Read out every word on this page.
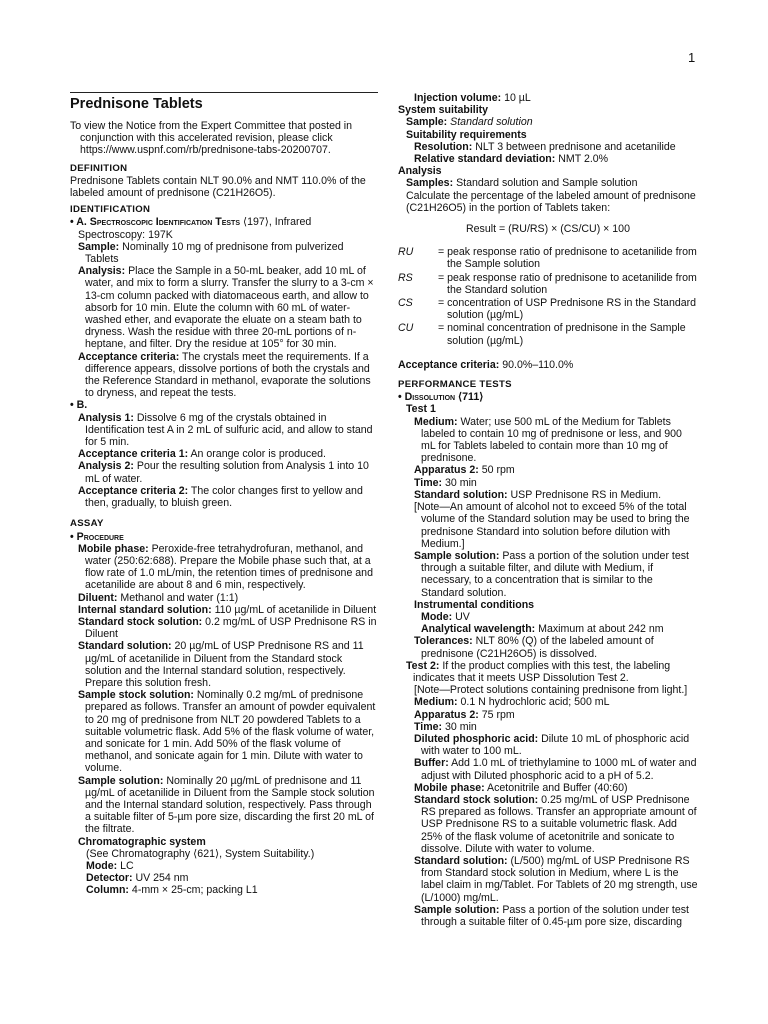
1
Prednisone Tablets
To view the Notice from the Expert Committee that posted in conjunction with this accelerated revision, please click https://www.uspnf.com/rb/prednisone-tabs-20200707.
DEFINITION
Prednisone Tablets contain NLT 90.0% and NMT 110.0% of the labeled amount of prednisone (C21H26O5).
IDENTIFICATION
• A. Spectroscopic Identification Tests ⟨197⟩, Infrared Spectroscopy: 197K
Sample: Nominally 10 mg of prednisone from pulverized Tablets
Analysis: Place the Sample in a 50-mL beaker, add 10 mL of water, and mix to form a slurry. Transfer the slurry to a 3-cm × 13-cm column packed with diatomaceous earth, and allow to absorb for 10 min. Elute the column with 60 mL of water-washed ether, and evaporate the eluate on a steam bath to dryness. Wash the residue with three 20-mL portions of n-heptane, and filter. Dry the residue at 105° for 30 min.
Acceptance criteria: The crystals meet the requirements. If a difference appears, dissolve portions of both the crystals and the Reference Standard in methanol, evaporate the solutions to dryness, and repeat the tests.
• B.
Analysis 1: Dissolve 6 mg of the crystals obtained in Identification test A in 2 mL of sulfuric acid, and allow to stand for 5 min.
Acceptance criteria 1: An orange color is produced.
Analysis 2: Pour the resulting solution from Analysis 1 into 10 mL of water.
Acceptance criteria 2: The color changes first to yellow and then, gradually, to bluish green.
ASSAY
• Procedure
Mobile phase: Peroxide-free tetrahydrofuran, methanol, and water (250:62:688). Prepare the Mobile phase such that, at a flow rate of 1.0 mL/min, the retention times of prednisone and acetanilide are about 8 and 6 min, respectively.
Diluent: Methanol and water (1:1)
Internal standard solution: 110 µg/mL of acetanilide in Diluent
Standard stock solution: 0.2 mg/mL of USP Prednisone RS in Diluent
Standard solution: 20 µg/mL of USP Prednisone RS and 11 µg/mL of acetanilide in Diluent from the Standard stock solution and the Internal standard solution, respectively. Prepare this solution fresh.
Sample stock solution: Nominally 0.2 mg/mL of prednisone prepared as follows. Transfer an amount of powder equivalent to 20 mg of prednisone from NLT 20 powdered Tablets to a suitable volumetric flask. Add 5% of the flask volume of water, and sonicate for 1 min. Add 50% of the flask volume of methanol, and sonicate again for 1 min. Dilute with water to volume.
Sample solution: Nominally 20 µg/mL of prednisone and 11 µg/mL of acetanilide in Diluent from the Sample stock solution and the Internal standard solution, respectively. Pass through a suitable filter of 5-µm pore size, discarding the first 20 mL of the filtrate.
Chromatographic system
(See Chromatography ⟨621⟩, System Suitability.)
Mode: LC
Detector: UV 254 nm
Column: 4-mm × 25-cm; packing L1
Injection volume: 10 µL
System suitability
Sample: Standard solution
Suitability requirements
Resolution: NLT 3 between prednisone and acetanilide
Relative standard deviation: NMT 2.0%
Analysis
Samples: Standard solution and Sample solution
Calculate the percentage of the labeled amount of prednisone (C21H26O5) in the portion of Tablets taken:
Result = (RU/RS) × (CS/CU) × 100
RU	= peak response ratio of prednisone to acetanilide from the Sample solution
RS	= peak response ratio of prednisone to acetanilide from the Standard solution
CS	= concentration of USP Prednisone RS in the Standard solution (µg/mL)
CU	= nominal concentration of prednisone in the Sample solution (µg/mL)
Acceptance criteria: 90.0%–110.0%
PERFORMANCE TESTS
• Dissolution ⟨711⟩
Test 1
Medium: Water; use 500 mL of the Medium for Tablets labeled to contain 10 mg of prednisone or less, and 900 mL for Tablets labeled to contain more than 10 mg of prednisone.
Apparatus 2: 50 rpm
Time: 30 min
Standard solution: USP Prednisone RS in Medium.
[Note—An amount of alcohol not to exceed 5% of the total volume of the Standard solution may be used to bring the prednisone Standard into solution before dilution with Medium.]
Sample solution: Pass a portion of the solution under test through a suitable filter, and dilute with Medium, if necessary, to a concentration that is similar to the Standard solution.
Instrumental conditions
Mode: UV
Analytical wavelength: Maximum at about 242 nm
Tolerances: NLT 80% (Q) of the labeled amount of prednisone (C21H26O5) is dissolved.
Test 2: If the product complies with this test, the labeling indicates that it meets USP Dissolution Test 2.
[Note—Protect solutions containing prednisone from light.]
Medium: 0.1 N hydrochloric acid; 500 mL
Apparatus 2: 75 rpm
Time: 30 min
Diluted phosphoric acid: Dilute 10 mL of phosphoric acid with water to 100 mL.
Buffer: Add 1.0 mL of triethylamine to 1000 mL of water and adjust with Diluted phosphoric acid to a pH of 5.2.
Mobile phase: Acetonitrile and Buffer (40:60)
Standard stock solution: 0.25 mg/mL of USP Prednisone RS prepared as follows. Transfer an appropriate amount of USP Prednisone RS to a suitable volumetric flask. Add 25% of the flask volume of acetonitrile and sonicate to dissolve. Dilute with water to volume.
Standard solution: (L/500) mg/mL of USP Prednisone RS from Standard stock solution in Medium, where L is the label claim in mg/Tablet. For Tablets of 20 mg strength, use (L/1000) mg/mL.
Sample solution: Pass a portion of the solution under test through a suitable filter of 0.45-µm pore size, discarding
